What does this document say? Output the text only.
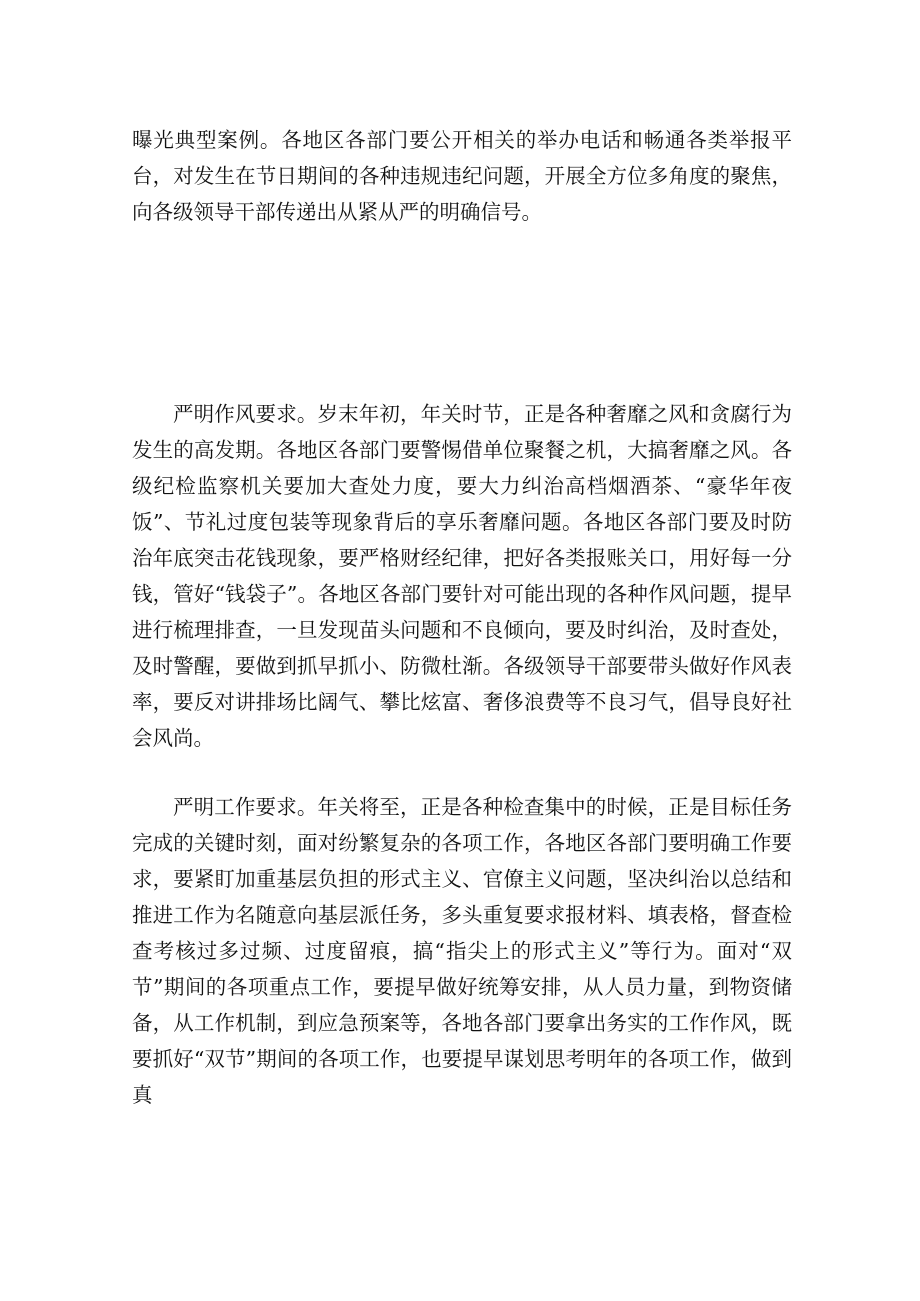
曝光典型案例。各地区各部门要公开相关的举办电话和畅通各类举报平台，对发生在节日期间的各种违规违纪问题，开展全方位多角度的聚焦，向各级领导干部传递出从紧从严的明确信号。

严明作风要求。岁末年初，年关时节，正是各种奢靡之风和贪腐行为发生的高发期。各地区各部门要警惕借单位聚餐之机，大搞奢靡之风。各级纪检监察机关要加大查处力度，要大力纠治高档烟酒茶、“豪华年夜饭”、节礼过度包装等现象背后的享乐奢靡问题。各地区各部门要及时防治年底突击花钱现象，要严格财经纪律，把好各类报账关口，用好每一分钱，管好“钱袋子”。各地区各部门要针对可能出现的各种作风问题，提早进行梳理排查，一旦发现苗头问题和不良倾向，要及时纠治，及时查处，及时警醒，要做到抓早抓小、防微杜渐。各级领导干部要带头做好作风表率，要反对讲排场比阔气、攀比炫富、奢侈浪费等不良习气，倡导良好社会风尚。

严明工作要求。年关将至，正是各种检查集中的时候，正是目标任务完成的关键时刻，面对纷繁复杂的各项工作，各地区各部门要明确工作要求，要紧盯加重基层负担的形式主义、官僚主义问题，坚决纠治以总结和推进工作为名随意向基层派任务，多头重复要求报材料、填表格，督查检查考核过多过频、过度留痕，搞“指尖上的形式主义”等行为。面对“双节”期间的各项重点工作，要提早做好统筹安排，从人员力量，到物资储备，从工作机制，到应急预案等，各地各部门要拿出务实的工作作风，既要抓好“双节”期间的各项工作，也要提早谋划思考明年的各项工作，做到真
